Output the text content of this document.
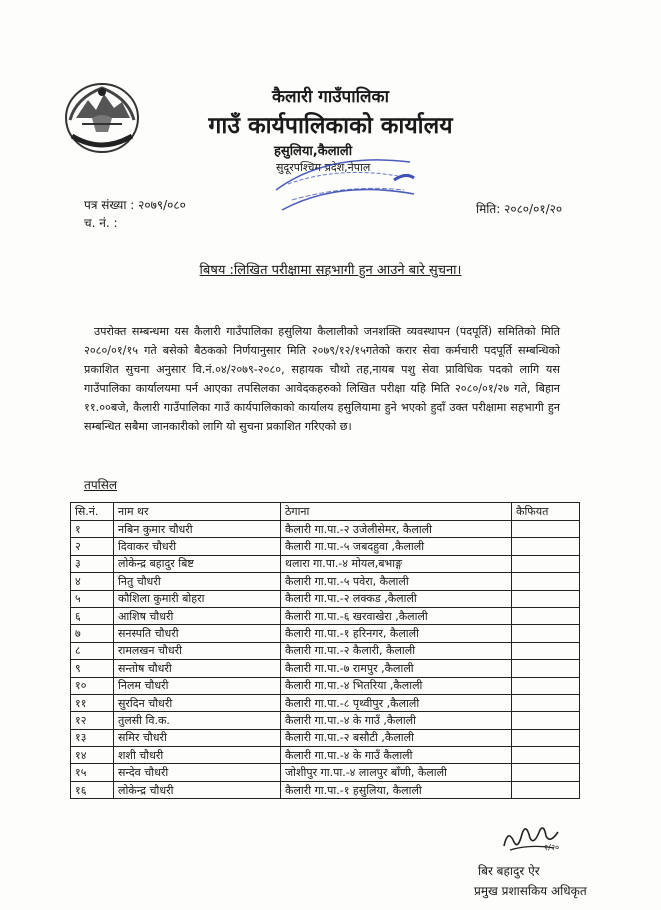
कैलारी गाउँपालिका
गाउँ कार्यपालिकाको कार्यालय
हसुलिया,कैलाली
सुदूरपश्चिम प्रदेश,नेपाल
पत्र संख्या : २०७९/०८०
च. नं. :
मिति: २०८०/०१/२०
बिषय :लिखित परीक्षामा सहभागी हुन आउने बारे सुचना।
उपरोक्त सम्बन्धमा यस कैलारी गाउँपालिका हसुलिया कैलालीको जनशक्ति व्यवस्थापन (पदपूर्ति) समितिको मिति २०८०/०१/१५ गते बसेको बैठकको निर्णयानुसार मिति २०७९/१२/१५गतेको करार सेवा कर्मचारी पदपूर्ति सम्बन्धिको प्रकाशित सुचना अनुसार वि.नं.०४/२०७९-२०८०, सहायक चौथो तह,नायब पशु सेवा प्राविधिक पदको लागि यस गाउँपालिका कार्यालयमा पर्न आएका तपसिलका आवेदकहरुको लिखित परीक्षा यहि मिति २०८०/०१/२७ गते, बिहान ११.००बजे, कैलारी गाउँपालिका गाउँ कार्यपालिकाको कार्यालय हसुलियामा हुने भएको हुदाँ उक्त परीक्षामा सहभागी हुन सम्बन्धित सबैमा जानकारीको लागि यो सुचना प्रकाशित गरिएको छ।
तपसिल
सि.नं.	नाम थर	ठेगाना	कैफियत
१	नबिन कुमार चौधरी	कैलारी गा.पा.-२ उजेलीसेमर, कैलाली	
२	दिवाकर चौधरी	कैलारी गा.पा.-५ जबदहुवा ,कैलाली	
३	लोकेन्द्र बहादुर बिष्ट	थलारा गा.पा.-४ मोयल,बभाङ्ग	
४	नितु चौधरी	कैलारी गा.पा.-५ पवेरा, कैलाली	
५	कौशिला कुमारी बोहरा	कैलारी गा.पा.-२ लक्कड ,कैलाली	
६	आशिष चौधरी	कैलारी गा.पा.-६ खरवाखेरा ,कैलाली	
७	सनस्पति चौधरी	कैलारी गा.पा.-१ हरिनगर, कैलाली	
८	रामलखन चौधरी	कैलारी गा.पा.-२ कैलारी, कैलाली	
९	सन्तोष चौधरी	कैलारी गा.पा.-७ रामपुर ,कैलाली	
१०	निलम चौधरी	कैलारी गा.पा.-४ भितरिया ,कैलाली	
११	सुरदिन चौधरी	कैलारी गा.पा.-८ पृथ्वीपुर ,कैलाली	
१२	तुलसी वि.क.	कैलारी गा.पा.-४ के गाउँ ,कैलाली	
१३	समिर चौधरी	कैलारी गा.पा.-२ बसौटी ,कैलाली	
१४	शशी चौधरी	कैलारी गा.पा.-४ के गाउँ कैलाली	
१५	सन्देव चौधरी	जोशीपुर गा.पा.-४ लालपुर बाँणी, कैलाली	
१६	लोकेन्द्र चौधरी	कैलारी गा.पा.-१ हसुलिया, कैलाली	
१/२०
बिर बहादुर ऐर
प्रमुख प्रशासकिय अधिकृत
